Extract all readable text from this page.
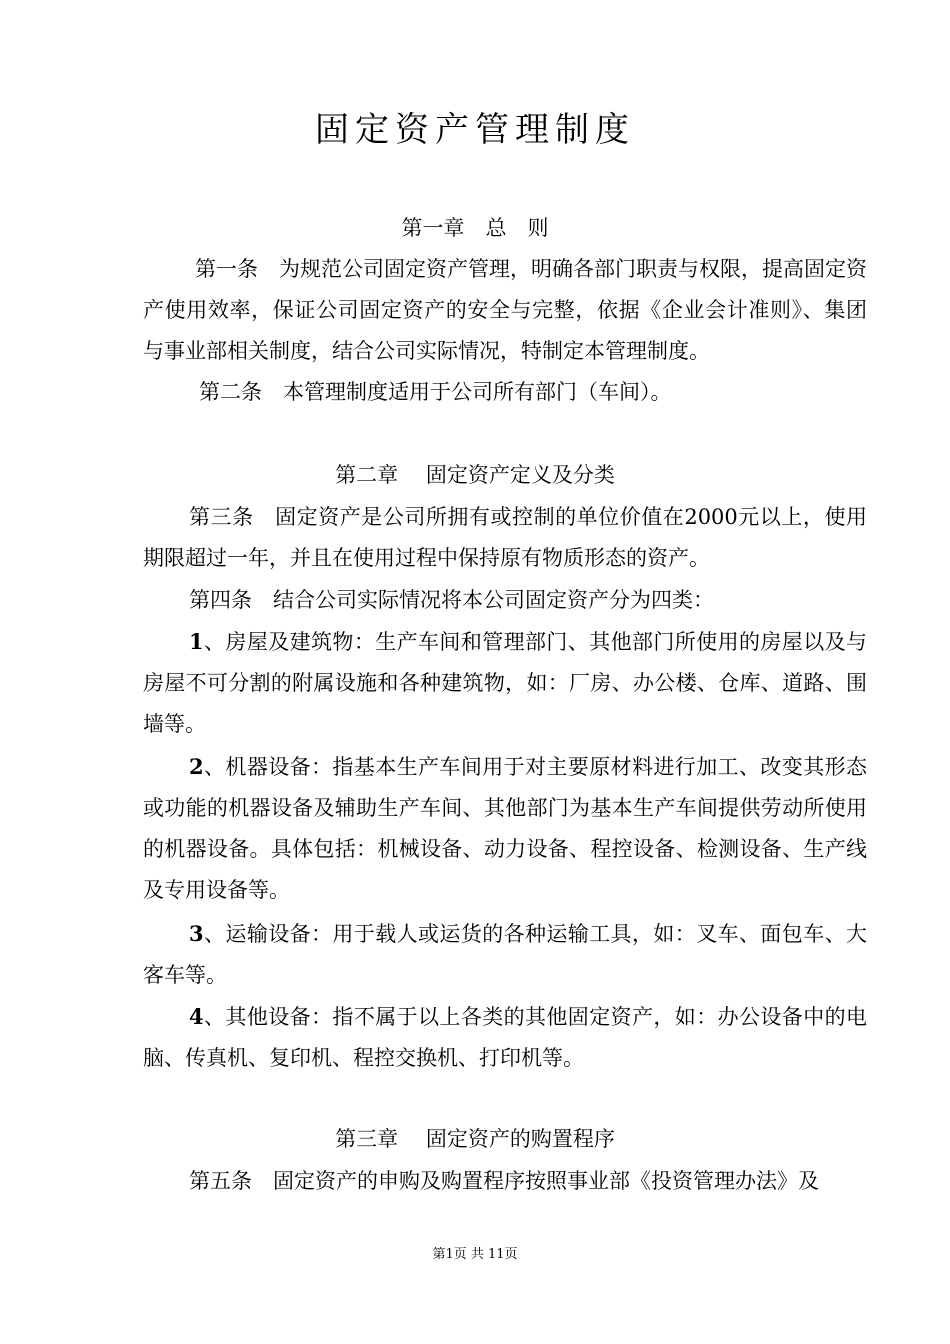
固定资产管理制度
第一章　总　则

第一条　为规范公司固定资产管理，明确各部门职责与权限，提高固定资产使用效率，保证公司固定资产的安全与完整，依据《企业会计准则》、集团与事业部相关制度，结合公司实际情况，特制定本管理制度。

第二条　本管理制度适用于公司所有部门（车间）。

第二章　 固定资产定义及分类

第三条　固定资产是公司所拥有或控制的单位价值在2000元以上，使用期限超过一年，并且在使用过程中保持原有物质形态的资产。

第四条　结合公司实际情况将本公司固定资产分为四类：

1、房屋及建筑物：生产车间和管理部门、其他部门所使用的房屋以及与房屋不可分割的附属设施和各种建筑物，如：厂房、办公楼、仓库、道路、围墙等。

2、机器设备：指基本生产车间用于对主要原材料进行加工、改变其形态或功能的机器设备及辅助生产车间、其他部门为基本生产车间提供劳动所使用的机器设备。具体包括：机械设备、动力设备、程控设备、检测设备、生产线及专用设备等。

3、运输设备：用于载人或运货的各种运输工具，如：叉车、面包车、大客车等。

4、其他设备：指不属于以上各类的其他固定资产，如：办公设备中的电脑、传真机、复印机、程控交换机、打印机等。

第三章　 固定资产的购置程序

第五条　固定资产的申购及购置程序按照事业部《投资管理办法》及

第1页 共 11页
